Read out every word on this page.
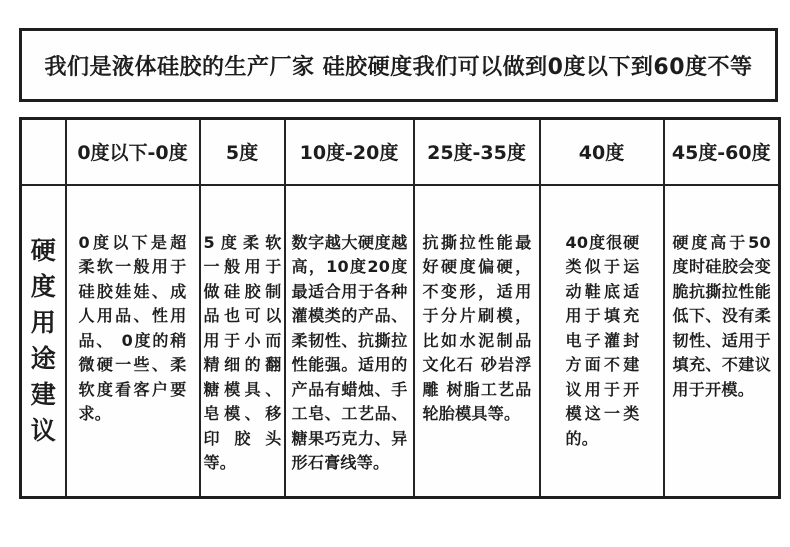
我们是液体硅胶的生产厂家 硅胶硬度我们可以做到0度以下到60度不等
	0度以下-0度	5度	10度-20度	25度-35度	40度	45度-60度

硬度用途建议	0度以下是超柔软一般用于硅胶娃娃、成人用品、性用品、 0度的稍微硬一些、柔软度看客户要求。	5度柔软 一般用于做硅胶制品也可以用于小而精细的翻糖模具、皂模、移印胶头等。	数字越大硬度越高，10度20度最适合用于各种灌模类的产品、柔韧性、抗撕拉性能强。适用的产品有蜡烛、手工皂、工艺品、糖果巧克力、异形石膏线等。	抗撕拉性能最好硬度偏硬，不变形，适用于分片刷模，比如水泥制品 文化石 砂岩浮雕 树脂工艺品轮胎模具等。	40度很硬类似于运动鞋底适用于填充电子灌封方面不建议用于开模这一类的。	硬度高于50度时硅胶会变脆抗撕拉性能低下、没有柔韧性、适用于填充、不建议用于开模。
